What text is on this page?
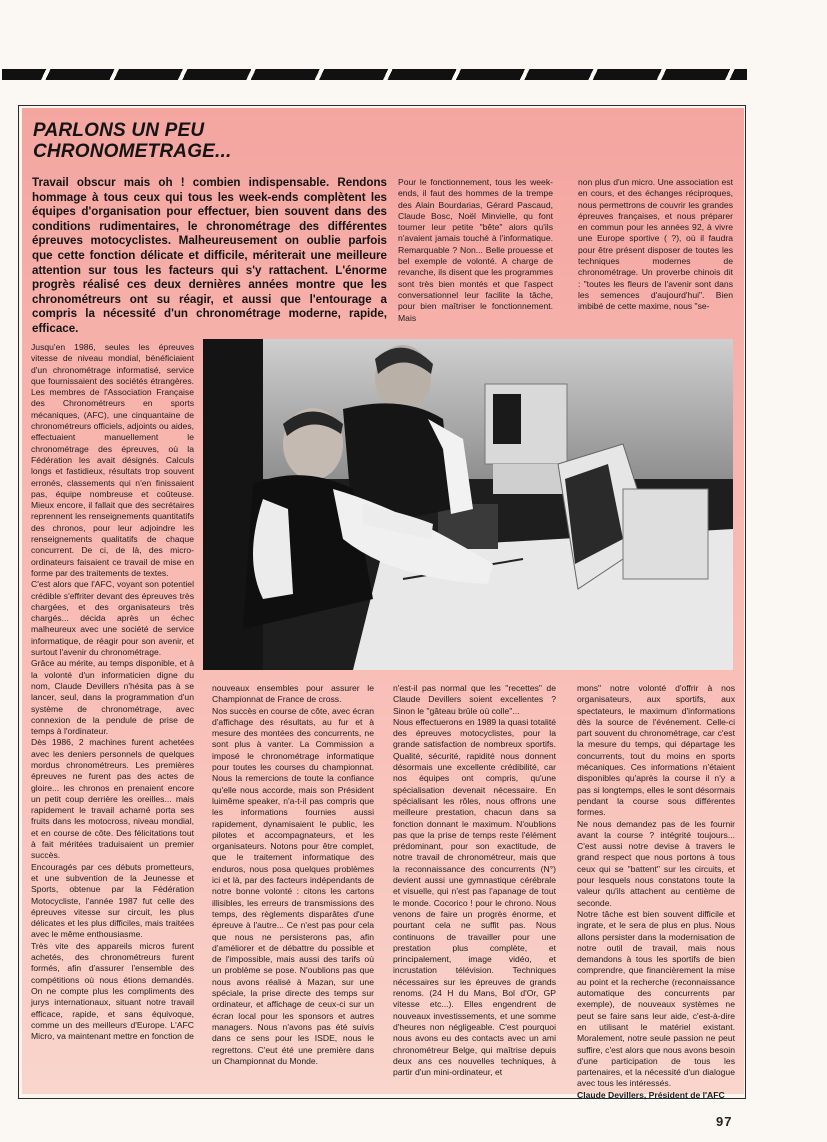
PARLONS UN PEU CHRONOMETRAGE...

Travail obscur mais oh ! combien indispensable. Rendons hommage à tous ceux qui tous les week-ends complètent les équipes d'organisation pour effectuer, bien souvent dans des conditions rudimentaires, le chronométrage des différentes épreuves motocyclistes. Malheureusement on oublie parfois que cette fonction délicate et difficile, mériterait une meilleure attention sur tous les facteurs qui s'y rattachent. L'énorme progrès réalisé ces deux dernières années montre que les chronométreurs ont su réagir, et aussi que l'entourage a compris la nécessité d'un chronométrage moderne, rapide, efficace.

Pour le fonctionnement, tous les week-ends, il faut des hommes de la trempe des Alain Bourdarias, Gérard Pascaud, Claude Bosc, Noël Minvielle, qu font tourner leur petite "bête" alors qu'ils n'avaient jamais touché à l'informatique. Remarquable ? Non... Belle prouesse et bel exemple de volonté. A charge de revanche, ils disent que les programmes sont très bien montés et que l'aspect conversationnel leur facilite la tâche, pour bien maîtriser le fonctionnement. Mais

non plus d'un micro. Une association est en cours, et des échanges réciproques, nous permettrons de couvrir les grandes épreuves françaises, et nous préparer en commun pour les années 92, à vivre une Europe sportive ( ?), où il faudra pour être présent disposer de toutes les techniques modernes de chronométrage. Un proverbe chinois dit : "toutes les fleurs de l'avenir sont dans les semences d'aujourd'hui". Bien imbibé de cette maxime, nous "se-

Jusqu'en 1986, seules les épreuves vitesse de niveau mondial, bénéficiaient d'un chronométrage informatisé, service que fournissaient des sociétés étrangères. Les membres de l'Association Française des Chronométreurs en sports mécaniques, (AFC), une cinquantaine de chronométreurs officiels, adjoints ou aides, effectuaient manuellement le chronométrage des épreuves, où la Fédération les avait désignés. Calculs longs et fastidieux, résultats trop souvent erronés, classements qui n'en finissaient pas, équipe nombreuse et coûteuse. Mieux encore, il fallait que des secrétaires reprennent les renseignements quantitatifs des chronos, pour leur adjoindre les renseignements qualitatifs de chaque concurrent. De ci, de là, des micro-ordinateurs faisaient ce travail de mise en forme par des traitements de textes.

C'est alors que l'AFC, voyant son potentiel crédible s'effriter devant des épreuves très chargées, et des organisateurs très chargés... décida après un échec malheureux avec une société de service informatique, de réagir pour son avenir, et surtout l'avenir du chronométrage.

Grâce au mérite, au temps disponible, et à la volonté d'un informaticien digne du nom, Claude Devillers n'hésita pas à se lancer, seul, dans la programmation d'un système de chronométrage, avec connexion de la pendule de prise de temps à l'ordinateur.

Dès 1986, 2 machines furent achetées avec les deniers personnels de quelques mordus chronométreurs. Les premières épreuves ne furent pas des actes de gloire... les chronos en prenaient encore un petit coup derrière les oreilles... mais rapidement le travail acharné porta ses fruits dans les motocross, niveau mondial, et en course de côte. Des félicitations tout à fait méritées traduisaient un premier succès.

Encouragés par ces débuts prometteurs, et une subvention de la Jeunesse et Sports, obtenue par la Fédération Motocycliste, l'année 1987 fut celle des épreuves vitesse sur circuit, les plus délicates et les plus difficiles, mais traitées avec le même enthousiasme.

Très vite des appareils micros furent achetés, des chronométreurs furent formés, afin d'assurer l'ensemble des compétitions où nous étions demandés. On ne compte plus les compliments des jurys internationaux, situant notre travail efficace, rapide, et sans équivoque, comme un des meilleurs d'Europe. L'AFC Micro, va maintenant mettre en fonction de

nouveaux ensembles pour assurer le Championnat de France de cross.

Nos succès en course de côte, avec écran d'affichage des résultats, au fur et à mesure des montées des concurrents, ne sont plus à vanter. La Commission a imposé le chronométrage informatique pour toutes les courses du championnat. Nous la remercions de toute la confiance qu'elle nous accorde, mais son Président luimême speaker, n'a-t-il pas compris que les informations fournies aussi rapidement, dynamisaient le public, les pilotes et accompagnateurs, et les organisateurs. Notons pour être complet, que le traitement informatique des enduros, nous posa quelques problèmes ici et là, par des facteurs indépendants de notre bonne volonté : citons les cartons illisibles, les erreurs de transmissions des temps, des règlements disparâtes d'une épreuve à l'autre... Ce n'est pas pour cela que nous ne persisterons pas, afin d'améliorer et de débattre du possible et de l'impossible, mais aussi des tarifs où un problème se pose. N'oublions pas que nous avons réalisé à Mazan, sur une spéciale, la prise directe des temps sur ordinateur, et affichage de ceux-ci sur un écran local pour les sponsors et autres managers. Nous n'avons pas été suivis dans ce sens pour les ISDE, nous le regrettons. C'eut été une première dans un Championnat du Monde.

n'est-il pas normal que les "recettes" de Claude Devillers soient excellentes ? Sinon le "gâteau brûle où colle"...

Nous effectuerons en 1989 la quasi totalité des épreuves motocyclistes, pour la grande satisfaction de nombreux sportifs. Qualité, sécurité, rapidité nous donnent désormais une excellente crédibilité, car nos équipes ont compris, qu'une spécialisation devenait nécessaire. En spécialisant les rôles, nous offrons une meilleure prestation, chacun dans sa fonction donnant le maximum. N'oublions pas que la prise de temps reste l'élément prédominant, pour son exactitude, de notre travail de chronométreur, mais que la reconnaissance des concurrents (N°) devient aussi une gymnastique cérébrale et visuelle, qui n'est pas l'apanage de tout le monde. Cocorico ! pour le chrono. Nous venons de faire un progrès énorme, et pourtant cela ne suffit pas. Nous continuons de travailler pour une prestation plus complète, et principalement, image vidéo, et incrustation télévision. Techniques nécessaires sur les épreuves de grands renoms. (24 H du Mans, Bol d'Or, GP vitesse etc...). Elles engendrent de nouveaux investissements, et une somme d'heures non négligeable. C'est pourquoi nous avons eu des contacts avec un ami chronométreur Belge, qui maîtrise depuis deux ans ces nouvelles techniques, à partir d'un mini-ordinateur, et

mons" notre volonté d'offrir à nos organisateurs, aux sportifs, aux spectateurs, le maximum d'informations dès la source de l'événement. Celle-ci part souvent du chronométrage, car c'est la mesure du temps, qui départage les concurrents, tout du moins en sports mécaniques. Ces informations n'étaient disponibles qu'après la course il n'y a pas si longtemps, elles le sont désormais pendant la course sous différentes formes.

Ne nous demandez pas de les fournir avant la course ? intégrité toujours... C'est aussi notre devise à travers le grand respect que nous portons à tous ceux qui se "battent" sur les circuits, et pour lesquels nous constatons toute la valeur qu'ils attachent au centième de seconde.

Notre tâche est bien souvent difficile et ingrate, et le sera de plus en plus. Nous allons persister dans la modernisation de notre outil de travail, mais nous demandons à tous les sportifs de bien comprendre, que financièrement la mise au point et la recherche (reconnaissance automatique des concurrents par exemple), de nouveaux systèmes ne peut se faire sans leur aide, c'est-à-dire en utilisant le matériel existant. Moralement, notre seule passion ne peut suffire, c'est alors que nous avons besoin d'une participation de tous les partenaires, et la nécessité d'un dialogue avec tous les intéressés.

Claude Devillers, Président de l'AFC

97
